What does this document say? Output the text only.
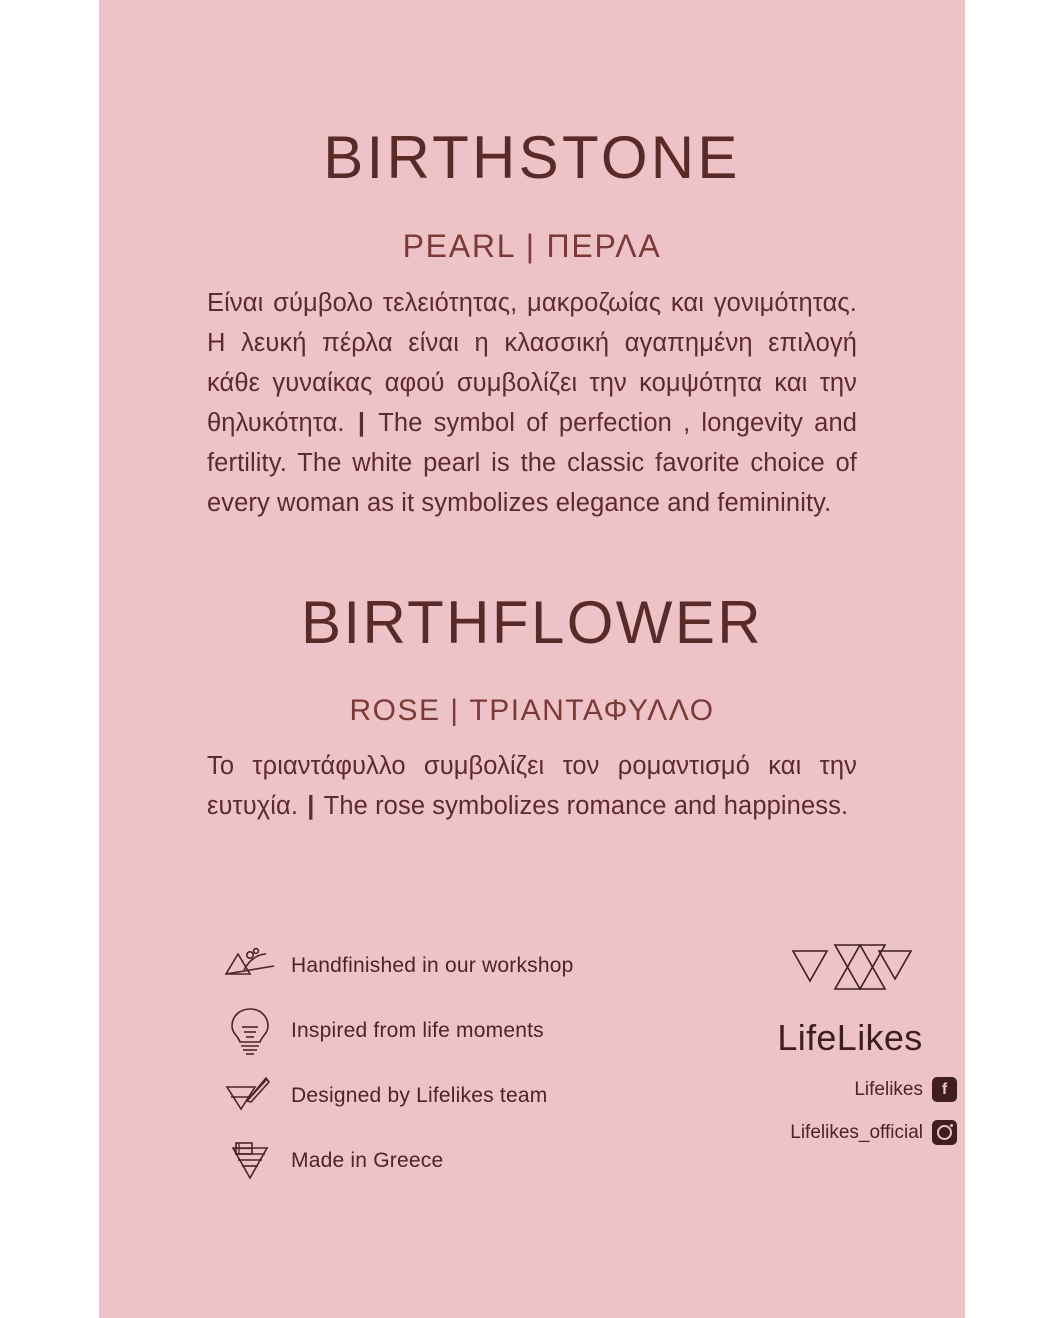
BIRTHSTONE
PEARL | ΠΕΡΛΑ

Είναι σύμβολο τελειότητας, μακροζωίας και γονιμότητας. Η λευκή πέρλα είναι η κλασσική αγαπημένη επιλογή κάθε γυναίκας αφού συμβολίζει την κομψότητα και την θηλυκότητα. | The symbol of perfection , longevity and fertility. The white pearl is the classic favorite choice of every woman as it symbolizes elegance and femininity.

BIRTHFLOWER
ROSE | ΤΡΙΑΝΤΑΦΥΛΛΟ

Το τριαντάφυλλο συμβολίζει τον ρομαντισμό και την ευτυχία. | The rose symbolizes romance and happiness.

Handfinished in our workshop
Inspired from life moments
Designed by Lifelikes team
Made in Greece
LifeLikes
Lifelikes	f
Lifelikes_official
